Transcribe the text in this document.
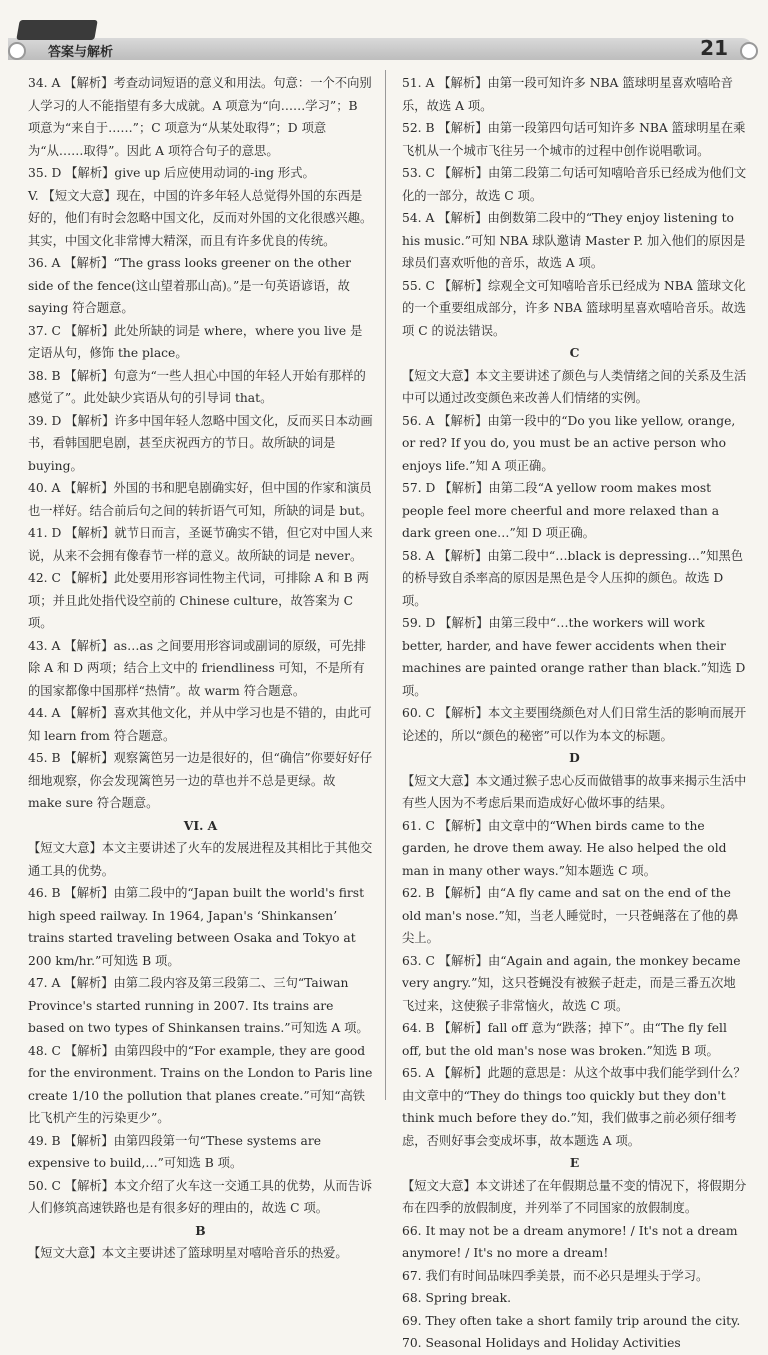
答案与解析	21

34. A 【解析】考查动词短语的意义和用法。句意：一个不向别人学习的人不能指望有多大成就。A 项意为“向……学习”；B 项意为“来自于……”；C 项意为“从某处取得”；D 项意为“从……取得”。因此 A 项符合句子的意思。

35. D 【解析】give up 后应使用动词的-ing 形式。

V. 【短文大意】现在，中国的许多年轻人总觉得外国的东西是好的，他们有时会忽略中国文化，反而对外国的文化很感兴趣。其实，中国文化非常博大精深，而且有许多优良的传统。

36. A 【解析】“The grass looks greener on the other side of the fence(这山望着那山高)。”是一句英语谚语，故 saying 符合题意。

37. C 【解析】此处所缺的词是 where，where you live 是定语从句，修饰 the place。

38. B 【解析】句意为“一些人担心中国的年轻人开始有那样的感觉了”。此处缺少宾语从句的引导词 that。

39. D 【解析】许多中国年轻人忽略中国文化，反而买日本动画书，看韩国肥皂剧，甚至庆祝西方的节日。故所缺的词是 buying。

40. A 【解析】外国的书和肥皂剧确实好，但中国的作家和演员也一样好。结合前后句之间的转折语气可知，所缺的词是 but。

41. D 【解析】就节日而言，圣诞节确实不错，但它对中国人来说，从来不会拥有像春节一样的意义。故所缺的词是 never。

42. C 【解析】此处要用形容词性物主代词，可排除 A 和 B 两项；并且此处指代设空前的 Chinese culture，故答案为 C 项。

43. A 【解析】as…as 之间要用形容词或副词的原级，可先排除 A 和 D 两项；结合上文中的 friendliness 可知，不是所有的国家都像中国那样“热情”。故 warm 符合题意。

44. A 【解析】喜欢其他文化，并从中学习也是不错的，由此可知 learn from 符合题意。

45. B 【解析】观察篱笆另一边是很好的，但“确信”你要好好仔细地观察，你会发现篱笆另一边的草也并不总是更绿。故 make sure 符合题意。

VI. A

【短文大意】本文主要讲述了火车的发展进程及其相比于其他交通工具的优势。

46. B 【解析】由第二段中的“Japan built the world's first high speed railway. In 1964, Japan's ‘Shinkansen’ trains started traveling between Osaka and Tokyo at 200 km/hr.”可知选 B 项。

47. A 【解析】由第二段内容及第三段第二、三句“Taiwan Province's started running in 2007. Its trains are based on two types of Shinkansen trains.”可知选 A 项。

48. C 【解析】由第四段中的“For example, they are good for the environment. Trains on the London to Paris line create 1/10 the pollution that planes create.”可知“高铁比飞机产生的污染更少”。

49. B 【解析】由第四段第一句“These systems are expensive to build,…”可知选 B 项。

50. C 【解析】本文介绍了火车这一交通工具的优势，从而告诉人们修筑高速铁路也是有很多好的理由的，故选 C 项。

B

【短文大意】本文主要讲述了篮球明星对嘻哈音乐的热爱。

51. A 【解析】由第一段可知许多 NBA 篮球明星喜欢嘻哈音乐，故选 A 项。

52. B 【解析】由第一段第四句话可知许多 NBA 篮球明星在乘飞机从一个城市飞往另一个城市的过程中创作说唱歌词。

53. C 【解析】由第二段第二句话可知嘻哈音乐已经成为他们文化的一部分，故选 C 项。

54. A 【解析】由倒数第二段中的“They enjoy listening to his music.”可知 NBA 球队邀请 Master P. 加入他们的原因是球员们喜欢听他的音乐，故选 A 项。

55. C 【解析】综观全文可知嘻哈音乐已经成为 NBA 篮球文化的一个重要组成部分，许多 NBA 篮球明星喜欢嘻哈音乐。故选项 C 的说法错误。

C

【短文大意】本文主要讲述了颜色与人类情绪之间的关系及生活中可以通过改变颜色来改善人们情绪的实例。

56. A 【解析】由第一段中的“Do you like yellow, orange, or red? If you do, you must be an active person who enjoys life.”知 A 项正确。

57. D 【解析】由第二段“A yellow room makes most people feel more cheerful and more relaxed than a dark green one…”知 D 项正确。

58. A 【解析】由第二段中“…black is depressing…”知黑色的桥导致自杀率高的原因是黑色是令人压抑的颜色。故选 D 项。

59. D 【解析】由第三段中“…the workers will work better, harder, and have fewer accidents when their machines are painted orange rather than black.”知选 D 项。

60. C 【解析】本文主要围绕颜色对人们日常生活的影响而展开论述的，所以“颜色的秘密”可以作为本文的标题。

D

【短文大意】本文通过猴子忠心反而做错事的故事来揭示生活中有些人因为不考虑后果而造成好心做坏事的结果。

61. C 【解析】由文章中的“When birds came to the garden, he drove them away. He also helped the old man in many other ways.”知本题选 C 项。

62. B 【解析】由“A fly came and sat on the end of the old man's nose.”知，当老人睡觉时，一只苍蝇落在了他的鼻尖上。

63. C 【解析】由“Again and again, the monkey became very angry.”知，这只苍蝇没有被猴子赶走，而是三番五次地飞过来，这使猴子非常恼火，故选 C 项。

64. B 【解析】fall off 意为“跌落；掉下”。由“The fly fell off, but the old man's nose was broken.”知选 B 项。

65. A 【解析】此题的意思是：从这个故事中我们能学到什么？由文章中的“They do things too quickly but they don't think much before they do.”知，我们做事之前必须仔细考虑，否则好事会变成坏事，故本题选 A 项。

E

【短文大意】本文讲述了在年假期总量不变的情况下，将假期分布在四季的放假制度，并列举了不同国家的放假制度。

66. It may not be a dream anymore! / It's not a dream anymore! / It's no more a dream!

67. 我们有时间品味四季美景，而不必只是埋头于学习。

68. Spring break.

69. They often take a short family trip around the city.

70. Seasonal Holidays and Holiday Activities
